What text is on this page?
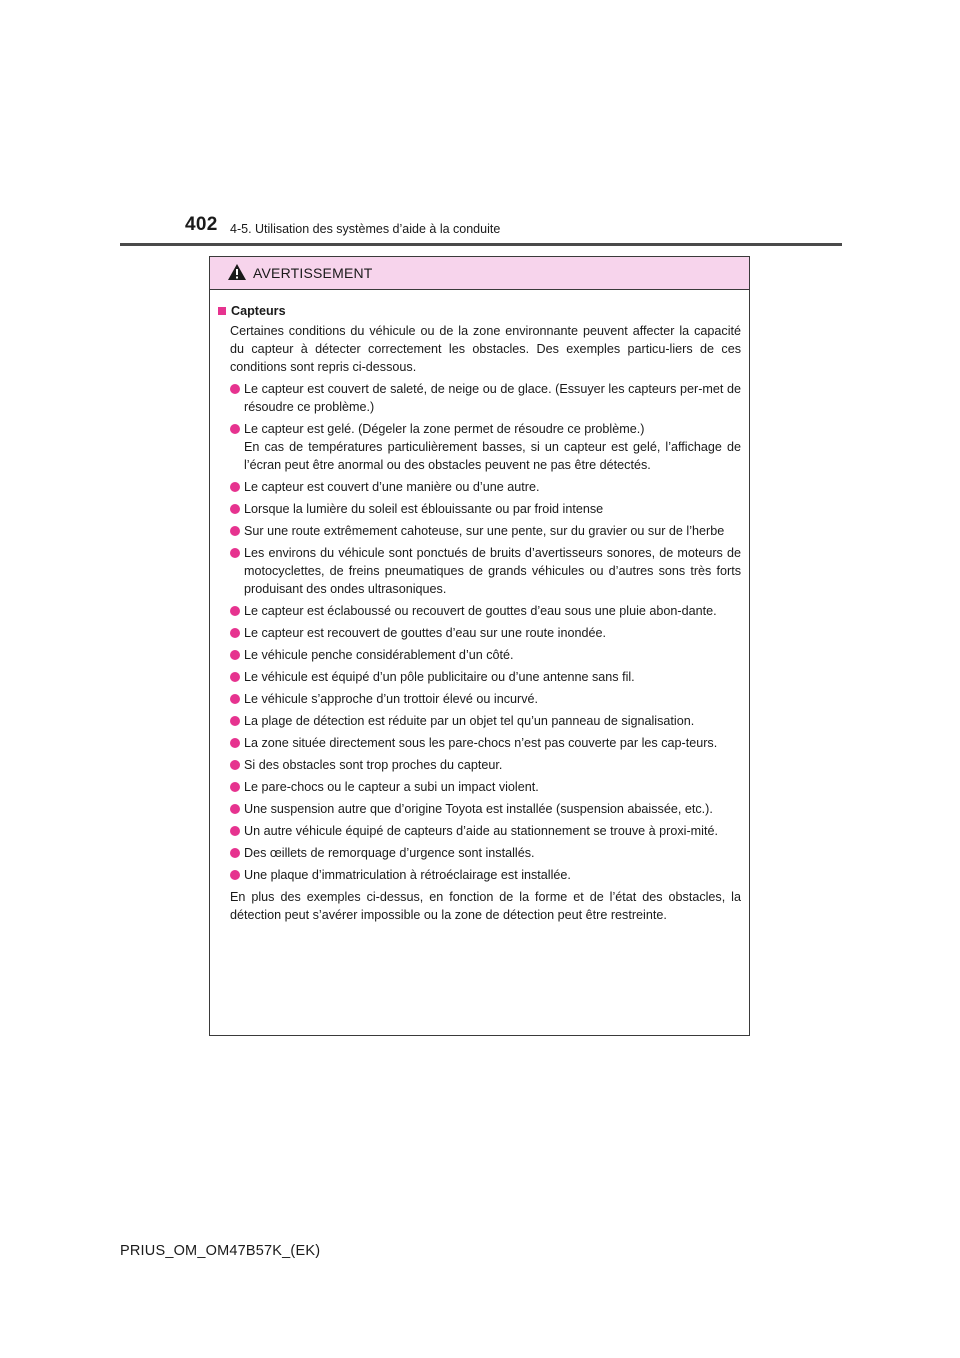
402 4-5. Utilisation des systèmes d’aide à la conduite
AVERTISSEMENT
Capteurs

Certaines conditions du véhicule ou de la zone environnante peuvent affecter la capacité du capteur à détecter correctement les obstacles. Des exemples particu-liers de ces conditions sont repris ci-dessous.

Le capteur est couvert de saleté, de neige ou de glace. (Essuyer les capteurs per-met de résoudre ce problème.)
Le capteur est gelé. (Dégeler la zone permet de résoudre ce problème.)
En cas de températures particulièrement basses, si un capteur est gelé, l’affichage de l’écran peut être anormal ou des obstacles peuvent ne pas être détectés.
Le capteur est couvert d’une manière ou d’une autre.
Lorsque la lumière du soleil est éblouissante ou par froid intense
Sur une route extrêmement cahoteuse, sur une pente, sur du gravier ou sur de l’herbe
Les environs du véhicule sont ponctués de bruits d’avertisseurs sonores, de moteurs de motocyclettes, de freins pneumatiques de grands véhicules ou d’autres sons très forts produisant des ondes ultrasoniques.
Le capteur est éclaboussé ou recouvert de gouttes d’eau sous une pluie abon-dante.
Le capteur est recouvert de gouttes d’eau sur une route inondée.
Le véhicule penche considérablement d’un côté.
Le véhicule est équipé d’un pôle publicitaire ou d’une antenne sans fil.
Le véhicule s’approche d’un trottoir élevé ou incurvé.
La plage de détection est réduite par un objet tel qu’un panneau de signalisation.
La zone située directement sous les pare-chocs n’est pas couverte par les cap-teurs.
Si des obstacles sont trop proches du capteur.
Le pare-chocs ou le capteur a subi un impact violent.
Une suspension autre que d’origine Toyota est installée (suspension abaissée, etc.).
Un autre véhicule équipé de capteurs d’aide au stationnement se trouve à proxi-mité.
Des œillets de remorquage d’urgence sont installés.
Une plaque d’immatriculation à rétroéclairage est installée.

En plus des exemples ci-dessus, en fonction de la forme et de l’état des obstacles, la détection peut s’avérer impossible ou la zone de détection peut être restreinte.

PRIUS_OM_OM47B57K_(EK)
